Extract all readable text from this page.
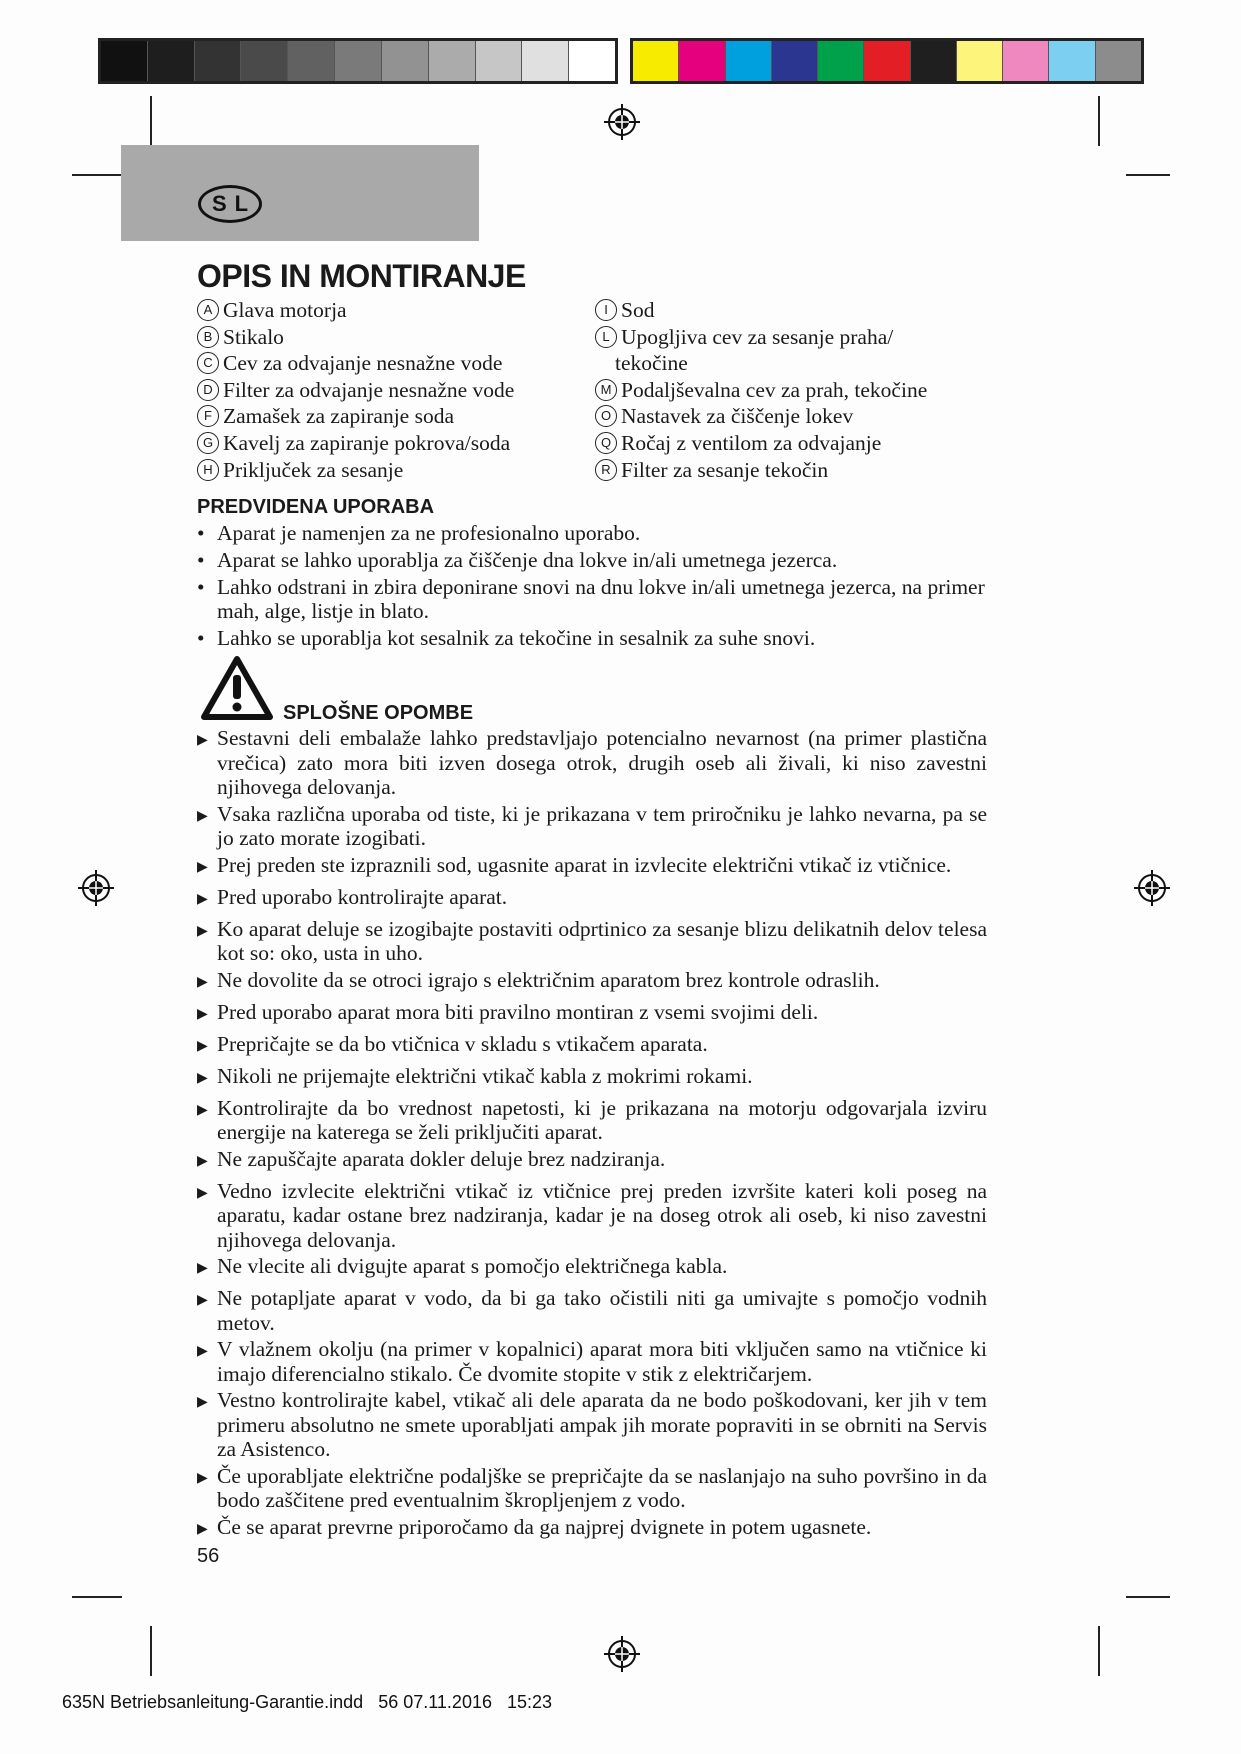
SL
OPIS IN MONTIRANJE
A Glava motorja
B Stikalo
C Cev za odvajanje nesnažne vode
D Filter za odvajanje nesnažne vode
F Zamašek za zapiranje soda
G Kavelj za zapiranje pokrova/soda
H Priključek za sesanje
I Sod
L Upogljiva cev za sesanje praha/
tekočine
M Podaljševalna cev za prah, tekočine
O Nastavek za čiščenje lokev
Q Ročaj z ventilom za odvajanje
R Filter za sesanje tekočin
PREDVIDENA UPORABA
• Aparat je namenjen za ne profesionalno uporabo.
• Aparat se lahko uporablja za čiščenje dna lokve in/ali umetnega jezerca.
• Lahko odstrani in zbira deponirane snovi na dnu lokve in/ali umetnega jezerca, na primer mah, alge, listje in blato.
• Lahko se uporablja kot sesalnik za tekočine in sesalnik za suhe snovi.
SPLOŠNE OPOMBE
▶ Sestavni deli embalaže lahko predstavljajo potencialno nevarnost (na primer plastična vrečica) zato mora biti izven dosega otrok, drugih oseb ali živali, ki niso zavestni njihovega delovanja.
▶ Vsaka različna uporaba od tiste, ki je prikazana v tem priročniku je lahko nevarna, pa se jo zato morate izogibati.
▶ Prej preden ste izpraznili sod, ugasnite aparat in izvlecite električni vtikač iz vtičnice.
▶ Pred uporabo kontrolirajte aparat.
▶ Ko aparat deluje se izogibajte postaviti odprtinico za sesanje blizu delikatnih delov telesa kot so: oko, usta in uho.
▶ Ne dovolite da se otroci igrajo s električnim aparatom brez kontrole odraslih.
▶ Pred uporabo aparat mora biti pravilno montiran z vsemi svojimi deli.
▶ Prepričajte se da bo vtičnica v skladu s vtikačem aparata.
▶ Nikoli ne prijemajte električni vtikač kabla z mokrimi rokami.
▶ Kontrolirajte da bo vrednost napetosti, ki je prikazana na motorju odgovarjala izviru energije na katerega se želi priključiti aparat.
▶ Ne zapuščajte aparata dokler deluje brez nadziranja.
▶ Vedno izvlecite električni vtikač iz vtičnice prej preden izvršite kateri koli poseg na aparatu, kadar ostane brez nadziranja, kadar je na doseg otrok ali oseb, ki niso zavestni njihovega delovanja.
▶ Ne vlecite ali dvigujte aparat s pomočjo električnega kabla.
▶ Ne potapljate aparat v vodo, da bi ga tako očistili niti ga umivajte s pomočjo vodnih metov.
▶ V vlažnem okolju (na primer v kopalnici) aparat mora biti vključen samo na vtičnice ki imajo diferencialno stikalo. Če dvomite stopite v stik z električarjem.
▶ Vestno kontrolirajte kabel, vtikač ali dele aparata da ne bodo poškodovani, ker jih v tem primeru absolutno ne smete uporabljati ampak jih morate popraviti in se obrniti na Servis za Asistenco.
▶ Če uporabljate električne podaljške se prepričajte da se naslanjajo na suho površino in da bodo zaščitene pred eventualnim škropljenjem z vodo.
▶ Če se aparat prevrne priporočamo da ga najprej dvignete in potem ugasnete.
56
635N Betriebsanleitung-Garantie.indd   56 07.11.2016   15:23
